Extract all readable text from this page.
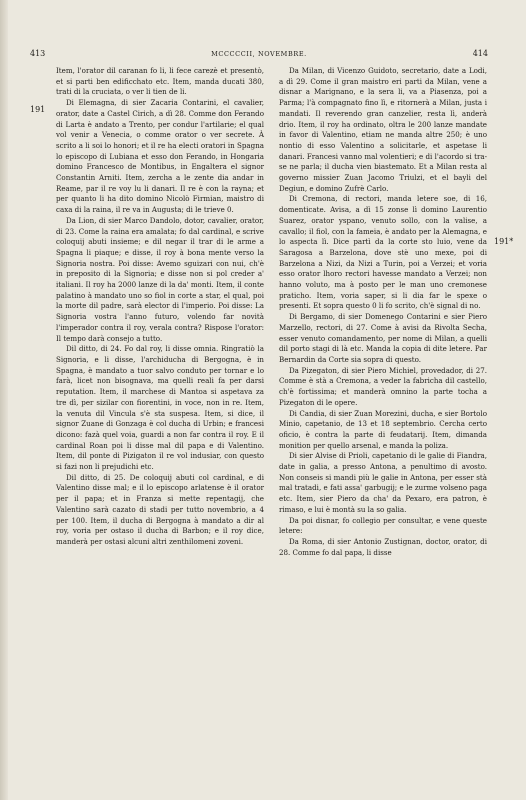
413	MCCCCCII, NOVEMBRE.	414
191
191*

Item, l'orator dil caranan fo li, li fece carezè et presentò, et si parti ben edificchato etc. Item, manda ducati 380, trati di la cruciata, o ver li tien de li.

Di Elemagna, di sier Zacaria Contarini, el cavalier, orator, date a Castel Cirich, a dì 28. Comme don Ferando di Larta è andato a Trento, per condur l'artilarie; el qual vol venir a Venecia, o comme orator o ver secrete. À scrito a li soi lo honori; et il re ha electi oratori in Spagna lo episcopo di Lubiana et esso don Ferando, in Hongaria domino Francesco de Montibus, in Engaltera el signor Constantin Arniti. Item, zercha a le zente dia andar in Reame, par il re voy lu li danari. Il re è con la rayna; et per quanto li ha dito domino Nicolò Firmian, maistro di caxa di la raina, il re va in Augusta; di le trieve 0.

Da Lion, di sier Marco Dandolo, dotor, cavalier, orator, di 23. Come la raina era amalata; fo dal cardinal, e scrive coloquij abuti insieme; e dil negar il trar di le arme a Spagna li piaque; e disse, il roy à bona mente verso la Signoria nostra. Poi disse: Avemo sguizari con nui, ch'è in preposito di la Signoria; e disse non si pol creder a' italiani. Il roy ha 2000 lanze di la da' monti. Item, il conte palatino à mandato uno so fiol in corte a star, el qual, poi la morte dil padre, sarà elector di l'imperio. Poi disse: La Signoria vostra l'anno futuro, volendo far novità l'imperador contra il roy, verala contra? Rispose l'orator: Il tempo darà consejo a tutto.

Dil ditto, di 24. Fo dal roy, li disse omnia. Ringratiò la Signoria, e li disse, l'archiducha di Bergogna, è in Spagna, è mandato a tuor salvo conduto per tornar e lo farà, licet non bisognava, ma quelli reali fa per darsi reputation. Item, il marchese di Mantoa si aspetava za tre dì, per sizilar con fiorentini, in voce, non in re. Item, la venuta dil Vincula s'è sta suspesa. Item, si dice, il signor Zuane di Gonzaga è col ducha di Urbin; e francesi dicono: fazà quel voia, guardi a non far contra il roy. E il cardinal Roan poi li disse mal dil papa e di Valentino. Item, dil ponte di Pizigaton il re vol indusiar, con questo si fazi non li prejudichi etc.

Dil ditto, di 25. De coloquij abuti col cardinal, e di Valentino disse mal; e il lo episcopo arlatense è il orator per il papa; et in Franza si mette repentagij, che Valentino sarà cazato di stadi per tutto novembrio, a 4 per 100. Item, il ducha di Bergogna à mandato a dir al roy, voria per ostaso il ducha di Barbon; e il roy dice, manderà per ostasi alcuni altri zenthilomeni zoveni.

Da Milan, di Vicenzo Guidoto, secretario, date a Lodi, a dì 29. Come il gran maistro eri parti da Milan, vene a disnar a Marignano, e la sera li, va a Piasenza, poi a Parma; l'à compagnato fino lì, e ritornerà a Milan, justa i mandati. Il reverendo gran canzelier, resta lì, anderà drio. Item, il roy ha ordinato, oltra le 200 lanze mandate in favor di Valentino, etiam ne manda altre 250; è uno nontio di esso Valentino a solicitarle, et aspetase li danari. Francesi vanno mal volentieri; e di l'acordo si tra-se ne parla; il ducha vien biastemato. Et a Milan resta al governo missier Zuan Jacomo Triulzi, et el bayli del Degiun, e domino Zufrè Carlo.

Di Cremona, di rectori, manda letere soe, di 16, domenticate. Avisa, a dì 15 zonse lì domino Laurentio Suarez, orator yspano, venuto sollo, con la valise, a cavallo; il fiol, con la fameia, è andato per la Alemagna, e lo aspecta lì. Dice partì da la corte sto luio, vene da Saragosa a Barzelona, dove stè uno mexe, poi di Barzelona a Nizi, da Nizi a Turin, poi a Verzei; et voria esso orator lhoro rectori havesse mandato a Verzei; non hanno voluto, ma à posto per le man uno cremonese praticho. Item, voria saper, si li dia far le spexe o presenti. Et sopra questo 0 li fo scrito, ch'è signal di no.

Di Bergamo, di sier Domenego Contarini e sier Piero Marzello, rectori, di 27. Come à avisi da Rivolta Secha, esser venuto comandamento, per nome di Milan, a quelli dil porto stagi di là etc. Manda la copia di dite letere. Par Bernardin da Corte sia sopra di questo.

Da Pizegaton, di sier Piero Michiel, provedador, di 27. Comme è stà a Cremona, a veder la fabricha dil castello, ch'è fortissima; et manderà omnino la parte tocha a Pizegaton di le opere.

Di Candia, di sier Zuan Morezini, ducha, e sier Bortolo Minio, capetanio, de 13 et 18 septembrio. Cercha certo oficio, è contra la parte di feudatarij. Item, dimanda monition per quello arsenal, e manda la poliza.

Di sier Alvise di Prioli, capetanio di le galie di Fiandra, date in galia, a presso Antona, a penultimo di avosto. Non conseis si mandi più le galie in Antona, per esser stà mal tratadi, e fati assa' garbugij; e le zurme volseno paga etc. Item, sier Piero da cha' da Pexaro, era patron, è rimaso, e lui è montà su la so galia.

Da poi disnar, fo collegio per consultar, e vene queste letere:

Da Roma, di sier Antonio Zustignan, doctor, orator, di 28. Comme fo dal papa, li disse
